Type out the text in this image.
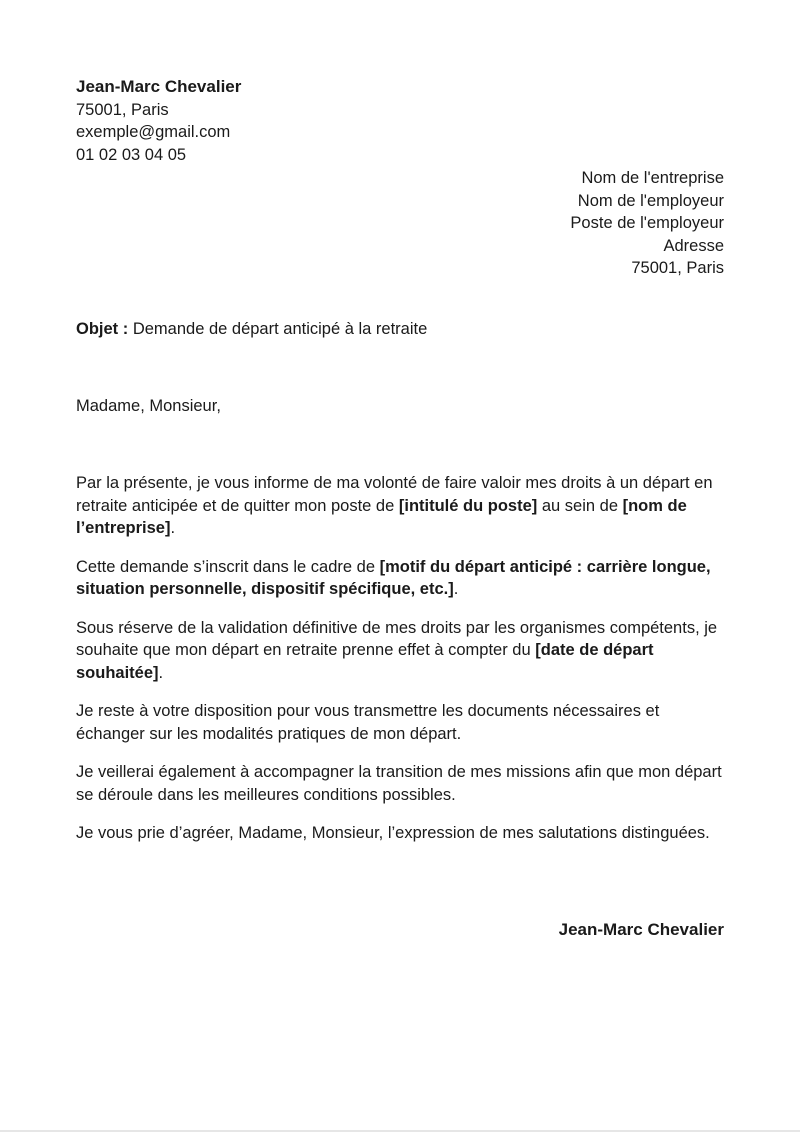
Jean-Marc Chevalier
75001, Paris
exemple@gmail.com
01 02 03 04 05
Nom de l'entreprise
Nom de l'employeur
Poste de l'employeur
Adresse
75001, Paris
Objet : Demande de départ anticipé à la retraite
Madame, Monsieur,

Par la présente, je vous informe de ma volonté de faire valoir mes droits à un départ en retraite anticipée et de quitter mon poste de [intitulé du poste] au sein de [nom de l’entreprise].

Cette demande s’inscrit dans le cadre de [motif du départ anticipé : carrière longue, situation personnelle, dispositif spécifique, etc.].

Sous réserve de la validation définitive de mes droits par les organismes compétents, je souhaite que mon départ en retraite prenne effet à compter du [date de départ souhaitée].

Je reste à votre disposition pour vous transmettre les documents nécessaires et échanger sur les modalités pratiques de mon départ.

Je veillerai également à accompagner la transition de mes missions afin que mon départ se déroule dans les meilleures conditions possibles.

Je vous prie d’agréer, Madame, Monsieur, l’expression de mes salutations distinguées.

Jean-Marc Chevalier
